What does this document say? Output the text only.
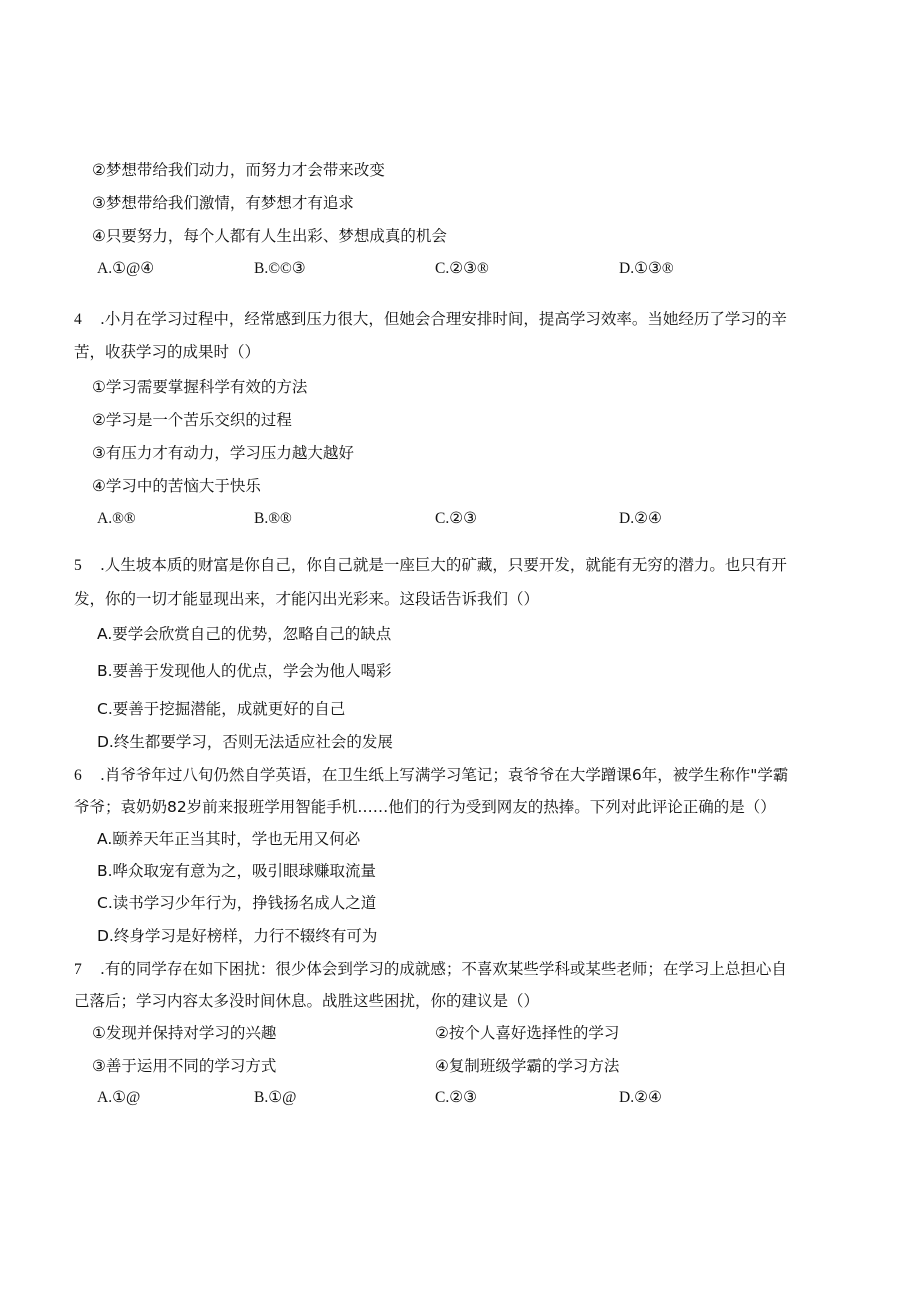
②梦想带给我们动力，而努力才会带来改变
③梦想带给我们激情，有梦想才有追求
④只要努力，每个人都有人生出彩、梦想成真的机会
A.①@④	B.©©③	C.②③®	D.①③®
4 .小月在学习过程中，经常感到压力很大，但她会合理安排时间，提高学习效率。当她经历了学习的辛
苦，收获学习的成果时（）
①学习需要掌握科学有效的方法
②学习是一个苦乐交织的过程
③有压力才有动力，学习压力越大越好
④学习中的苦恼大于快乐
A.®®	B.®®	C.②③	D.②④
5 .人生坡本质的财富是你自己，你自己就是一座巨大的矿藏，只要开发，就能有无穷的潜力。也只有开
发，你的一切才能显现出来，才能闪出光彩来。这段话告诉我们（）
A.要学会欣赏自己的优势，忽略自己的缺点
B.要善于发现他人的优点，学会为他人喝彩
C.要善于挖掘潜能，成就更好的自己
D.终生都要学习，否则无法适应社会的发展
6 .肖爷爷年过八旬仍然自学英语，在卫生纸上写满学习笔记；袁爷爷在大学蹭课6年，被学生称作"学霸
爷爷；袁奶奶82岁前来报班学用智能手机……他们的行为受到网友的热捧。下列对此评论正确的是（）
A.颐养天年正当其时，学也无用又何必
B.哗众取宠有意为之，吸引眼球赚取流量
C.读书学习少年行为，挣钱扬名成人之道
D.终身学习是好榜样，力行不辍终有可为
7 .有的同学存在如下困扰：很少体会到学习的成就感；不喜欢某些学科或某些老师；在学习上总担心自
己落后；学习内容太多没时间休息。战胜这些困扰，你的建议是（）
①发现并保持对学习的兴趣	②按个人喜好选择性的学习
③善于运用不同的学习方式	④复制班级学霸的学习方法
A.①@	B.①@	C.②③	D.②④
